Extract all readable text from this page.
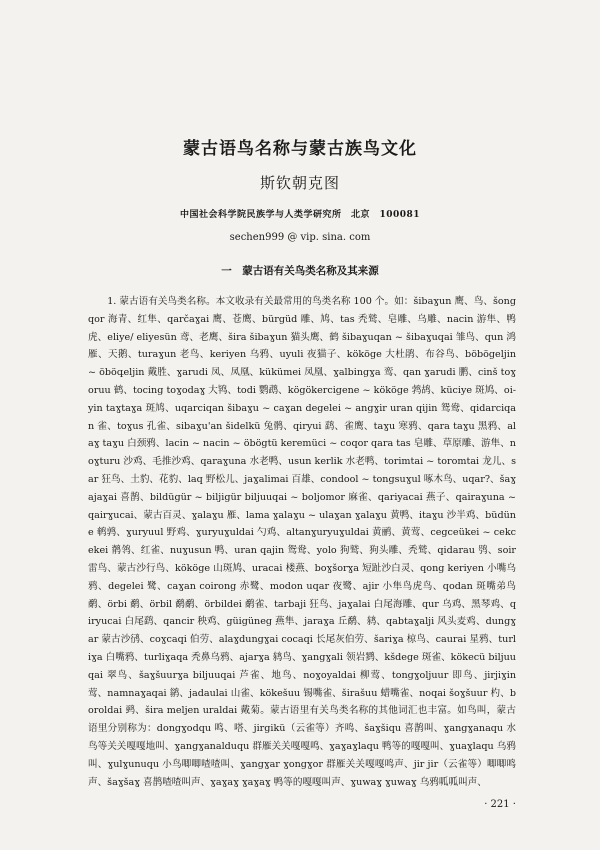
蒙古语鸟名称与蒙古族鸟文化
斯钦朝克图
中国社会科学院民族学与人类学研究所　北京　100081
sechen999 @ vip. sina. com
一　蒙古语有关鸟类名称及其来源

1. 蒙古语有关鸟类名称。本文收录有关最常用的鸟类名称 100 个。如：šibaɣun 鹰、鸟、šongqor 海青、红隼、qarčaɣai 鹰、苍鹰、bürgüd 雕、鸠、tas 秃鹫、皂雕、乌雕、nacin 游隼、鸭虎、eliye/ eliyesün 鸢、老鹰、šira šibaɣun 猫头鹰、鹤 šibaɣuqan ~ šibaɣuqai 雏鸟、qun 鸿雁、天鹅、turaɣun 老鸟、keriyen 乌鸦、uyuli 夜猫子、kököge 大杜鹃、布谷鸟、böbögeljin ~ öböգeljin 戴胜、ɣarudi 凤、凤凰、kükümei 凤凰、ɣalbingɣa 鸾、qan ɣarudi 鹏、cinš toɣoruu 鹤、tocing toɣodaɣ 大鸨、todi 鹦鹉、kögökercigene ~ kököge 鹁鸪、küciye 斑鸠、oi-yin taɣtaɣa 斑鸠、uqarciqan šibaɣu ~ caɣan degelei ~ angɣir uran qijin 鸳鸯、qidarciqan 雀、toɣus 孔雀、sibaɣu'an šidelkü 兔鹘、qiryui 鹞、雀鹰、taɣu 寒鸦、qara taɣu 黑鸦、alaɣ taɣu 白颈鸦、lacin ~ nacin ~ öbögtü keremüci ~ coqor qara tas 皂雕、草原雕、游隼、noɣturu 沙鸡、毛推沙鸡、qaraɣuna 水老鸭、usun kerlik 水老鸭、torimtai ~ toromtai 龙儿、sar 狂鸟、土豹、花豹、laq 野松儿、jaɣalimai 百雄、condool ~ tongsuɣul 啄木鸟、uqar?、šaɣajaɣai 喜鹊、bildügür ~ biljigür biljuuqai ~ boljomor 麻雀、qariyacai 燕子、qairaɣuna ~ qairɣucai、蒙古百灵、ɣalaɣu 雁、lama ɣalaɣu ~ ulaɣan ɣalaɣu 黄鸭、itaɣu 沙半鸡、büdüne 鹌鹑、ɣuryuul 野鸡、ɣuryuɣuldai 勺鸡、altanɣuryuɣuldai 黄鹂、黄莺、cegceükei ~ cekcekei 鹡鸰、红雀、nuɣusun 鸭、uran qajin 鸳鸯、yolo 狗鹫、狗头雕、秃鹫、qidarau 鸮、soir 雷鸟、蒙古沙行鸟、kököge 山斑鸠、uracai 楼燕、boɣšorɣa 短趾沙白灵、qong keriyen 小嘴乌鸦、degelei 鹭、caɣan coirong 赤鹭、modon uqar 夜鹭、ajir 小隼鸟虎鸟、qodan 斑嘴弟鸟鹬、örbi 鹬、örbil 鹬鹬、örbildei 鹬雀、tarbaji 狂鸟、jaɣalai 白尾海雕、qur 乌鸡、黑琴鸡、qiryucai 白尾鹞、qancir 秧鸡、güigüneg 燕隼、jaraɣa 丘鹬、鸫、qabtaɣalji 风头麦鸡、dungɣar 蒙古沙鸻、coɣcaqi 伯劳、alaɣdungɣai cocaqi 长尾灰伯劳、šariɣa 椋鸟、caurai 星鸦、turliɣa 白嘴鸦、turliɣaqa 秃鼻乌鸦、ajarɣa 鸫鸟、ɣangɣali 领岩鹨、kšdege 斑雀、kökecü biljuuqai 翠鸟、šaɣšuurɣa biljuuqai 芦雀、地鸟、noɣoyaldai 柳莺、tongɣoljuur 即鸟、jirjiɣin 莺、namnaɣaqai 鹟、jadaulai 山雀、kökešuu 锡嘴雀、širašuu 蜡嘴雀、noqai šoɣšuur 杓、boroldai 鹀、šira meljen uraldai 戴菊。蒙古语里有关鸟类名称的其他词汇也丰富。如鸟叫，蒙古语里分别称为：dongɣodqu 鸣、嗒、jirgikü（云雀等）齐鸣、šaɣšiqu 喜鹊叫、ɣangɣanaqu 水鸟等关关嘎嘎地叫、ɣangɣanalduqu 群雁关关嘎嘎鸣、ɣaɣaɣlaqu 鸭等的嘎嘎叫、ɣuaɣlaqu 乌鸦叫、ɣulɣunuqu 小鸟唧唧喳喳叫、ɣangɣar ɣongɣor 群雁关关嘎嘎鸣声、jir jir（云雀等）唧唧鸣声、šaɣšaɣ 喜鹊喳喳叫声、ɣaɣaɣ ɣaɣaɣ 鸭等的嘎嘎叫声、ɣuwaɣ ɣuwaɣ 乌鸦呱呱叫声、

· 221 ·
